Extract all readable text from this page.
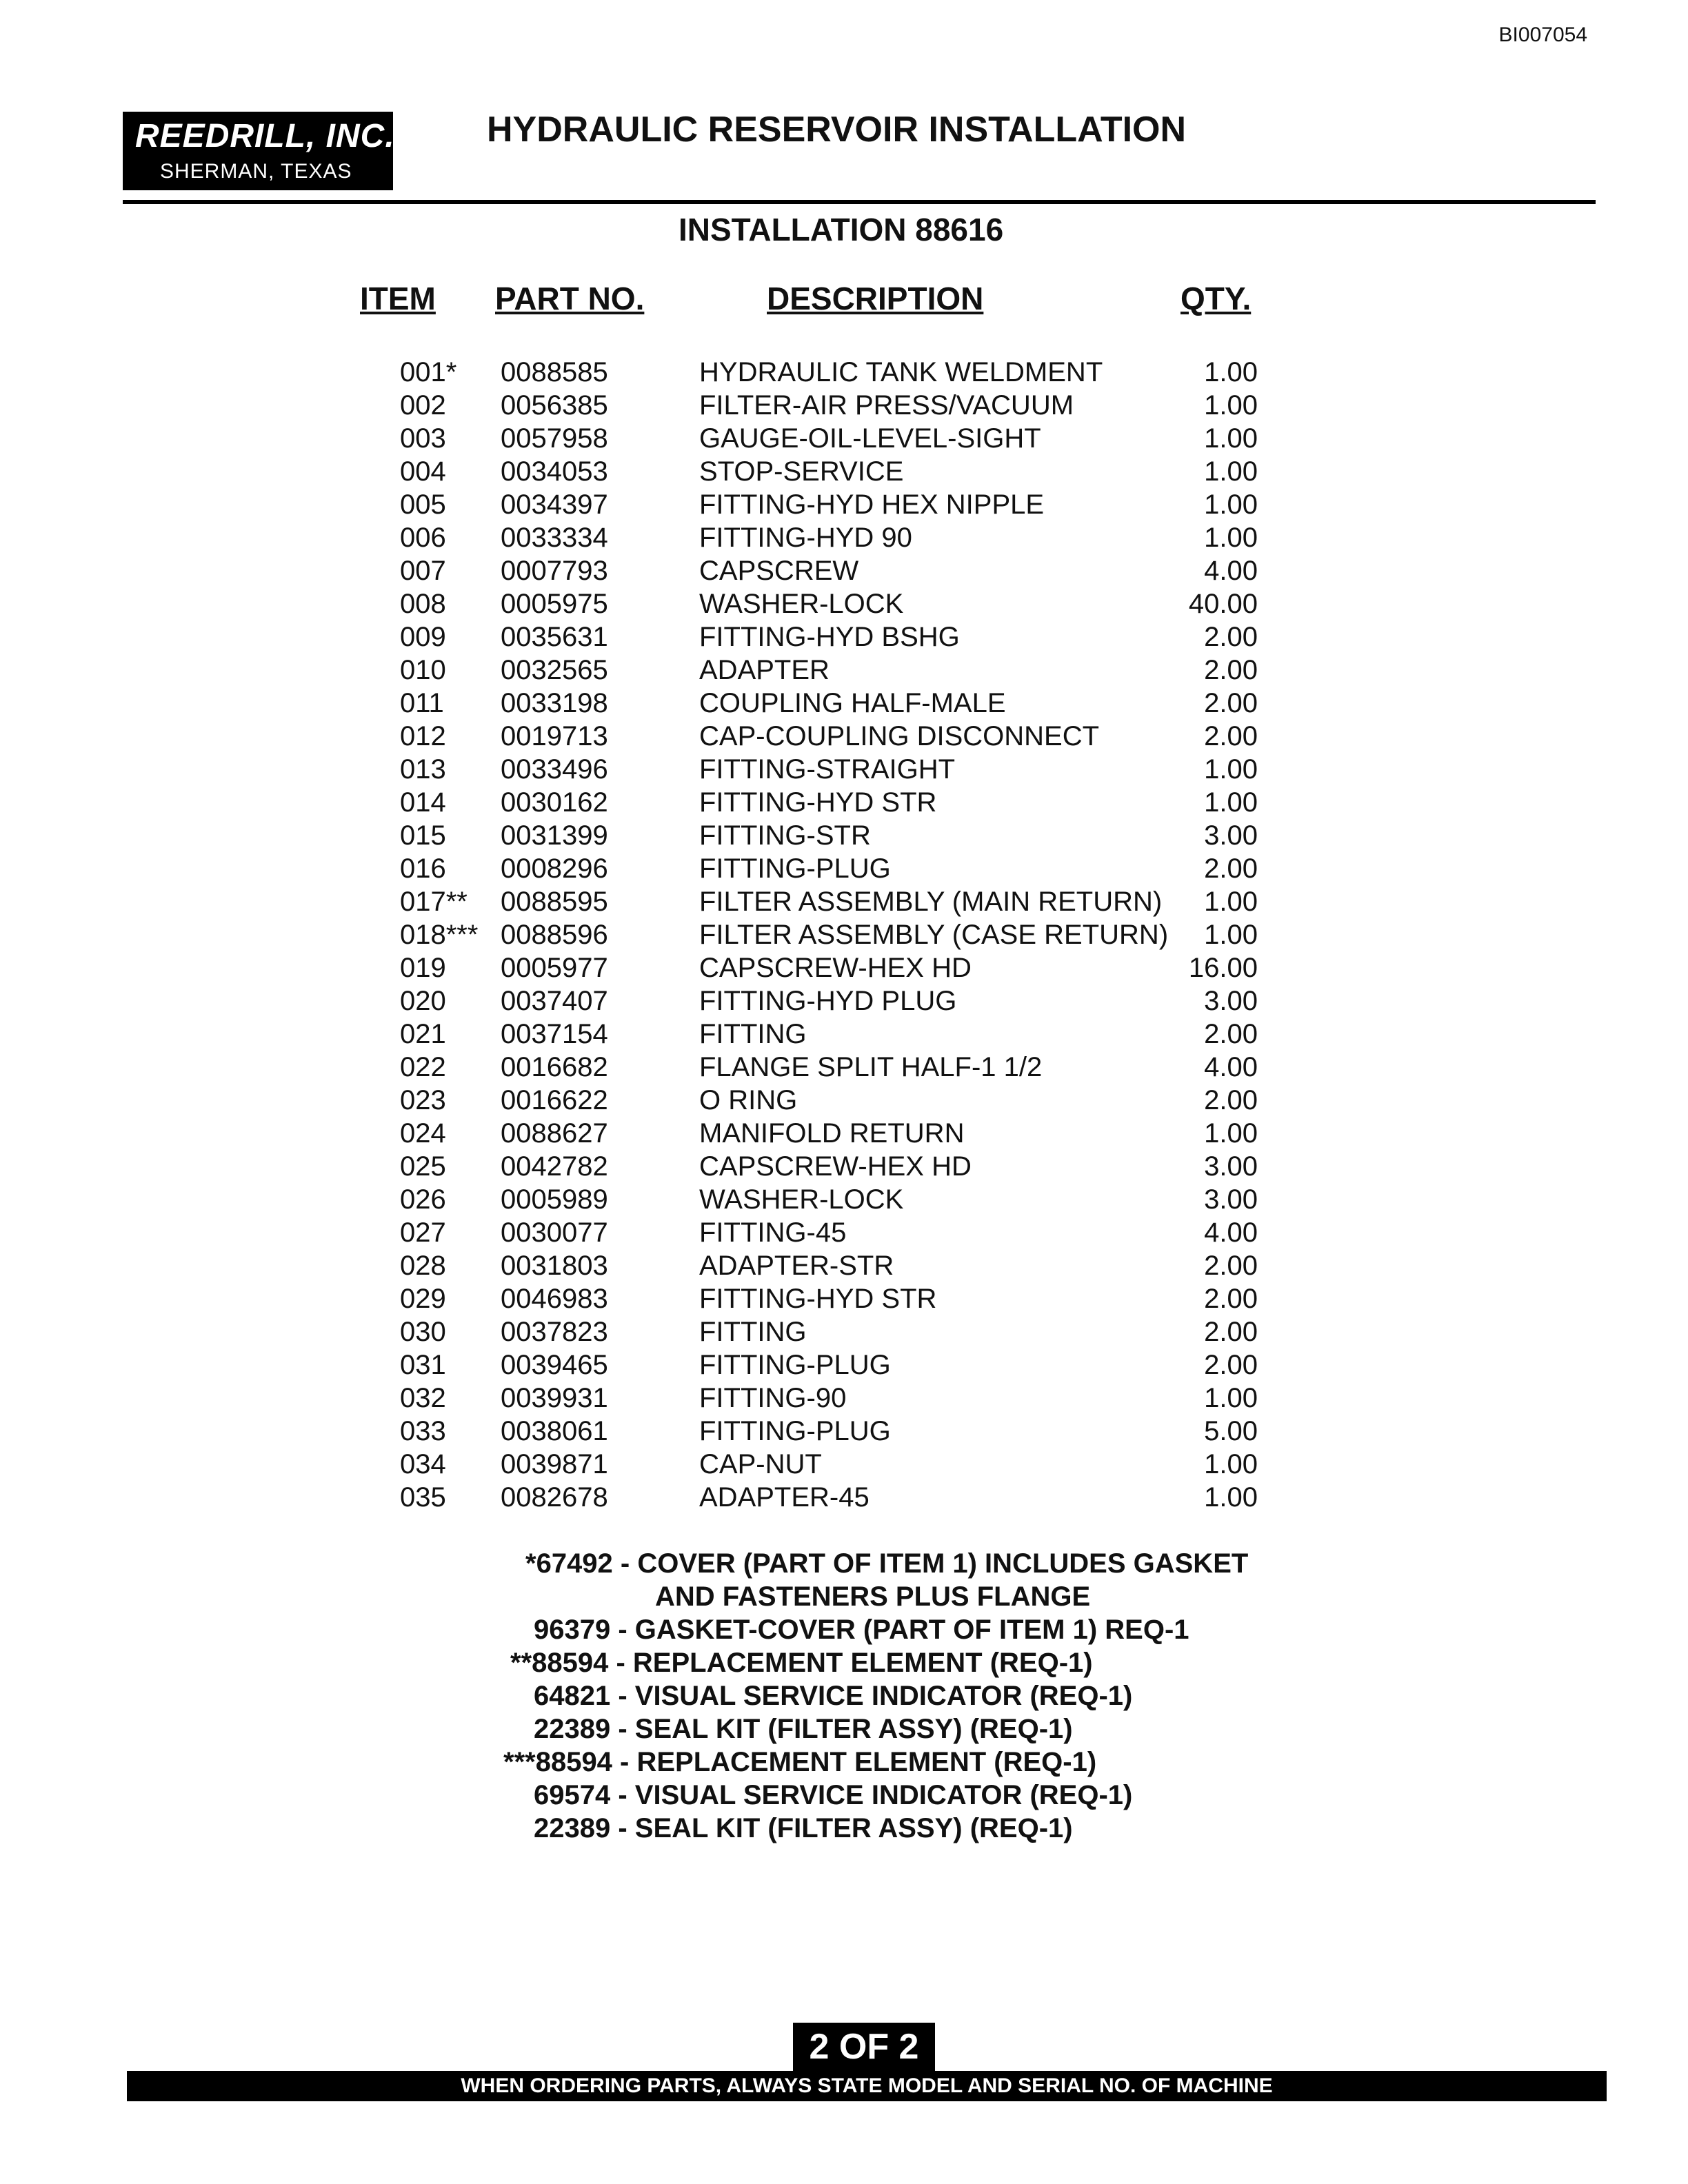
BI007054
REEDRILL, INC.
SHERMAN, TEXAS
HYDRAULIC RESERVOIR INSTALLATION
INSTALLATION 88616
ITEM PART NO.	DESCRIPTION	QTY.
001* 0088585	HYDRAULIC TANK WELDMENT	1.00
002 0056385	FILTER-AIR PRESS/VACUUM	1.00
003 0057958	GAUGE-OIL-LEVEL-SIGHT	1.00
004 0034053	STOP-SERVICE	1.00
005 0034397	FITTING-HYD HEX NIPPLE	1.00
006 0033334	FITTING-HYD 90	1.00
007 0007793	CAPSCREW	4.00
008 0005975	WASHER-LOCK	40.00
009 0035631	FITTING-HYD BSHG	2.00
010 0032565	ADAPTER	2.00
011 0033198	COUPLING HALF-MALE	2.00
012 0019713	CAP-COUPLING DISCONNECT	2.00
013 0033496	FITTING-STRAIGHT	1.00
014 0030162	FITTING-HYD STR	1.00
015 0031399	FITTING-STR	3.00
016 0008296	FITTING-PLUG	2.00
017** 0088595	FILTER ASSEMBLY (MAIN RETURN) 1.00
018*** 0088596	FILTER ASSEMBLY (CASE RETURN) 1.00
019 0005977	CAPSCREW-HEX HD	16.00
020 0037407	FITTING-HYD PLUG	3.00
021 0037154	FITTING	2.00
022 0016682	FLANGE SPLIT HALF-1 1/2	4.00
023 0016622	O RING	2.00
024 0088627	MANIFOLD RETURN	1.00
025 0042782	CAPSCREW-HEX HD	3.00
026 0005989	WASHER-LOCK	3.00
027 0030077	FITTING-45	4.00
028 0031803	ADAPTER-STR	2.00
029 0046983	FITTING-HYD STR	2.00
030 0037823	FITTING	2.00
031 0039465	FITTING-PLUG	2.00
032 0039931	FITTING-90	1.00
033 0038061	FITTING-PLUG	5.00
034 0039871	CAP-NUT	1.00
035 0082678	ADAPTER-45	1.00
*67492 - COVER (PART OF ITEM 1) INCLUDES GASKET
AND FASTENERS PLUS FLANGE
96379 - GASKET-COVER (PART OF ITEM 1) REQ-1
**88594 - REPLACEMENT ELEMENT (REQ-1)
64821 - VISUAL SERVICE INDICATOR (REQ-1)
22389 - SEAL KIT (FILTER ASSY) (REQ-1)
***88594 - REPLACEMENT ELEMENT (REQ-1)
69574 - VISUAL SERVICE INDICATOR (REQ-1)
22389 - SEAL KIT (FILTER ASSY) (REQ-1)
2 OF 2
WHEN ORDERING PARTS, ALWAYS STATE MODEL AND SERIAL NO. OF MACHINE
